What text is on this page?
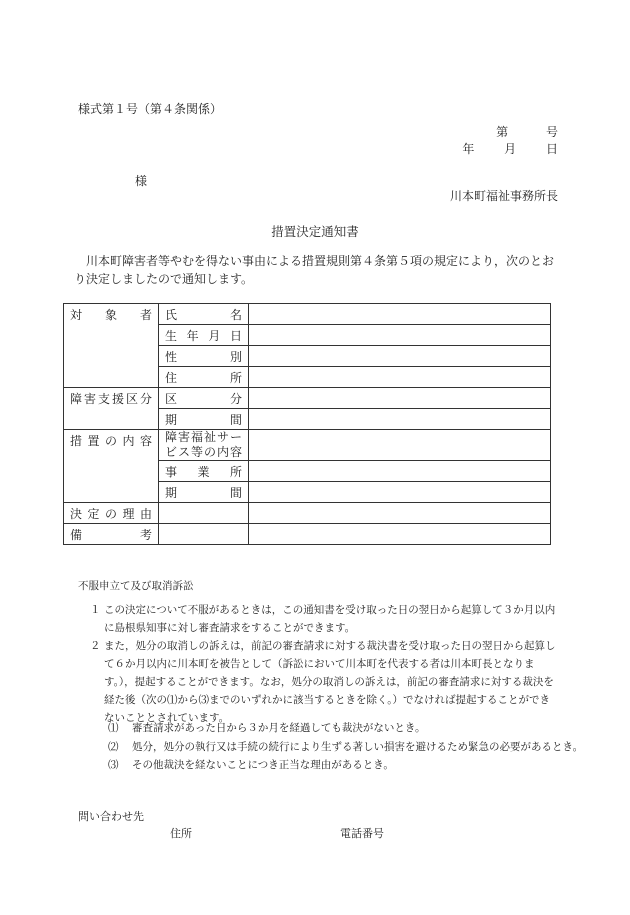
様式第１号（第４条関係）
第 号
年 月 日
様
川本町福祉事務所長
措置決定通知書
川本町障害者等やむを得ない事由による措置規則第４条第５項の規定により，次のとおり決定しましたので通知します。
対象者	氏名	
	生年月日	
	性別	
	住所	
障害支援区分	区分	
	期間	
措置の内容	障害福祉サー
ビス等の内容	

	事業所	
	期間	
決定の理由		
備考		
不服申立て及び取消訴訟
１ この決定について不服があるときは，この通知書を受け取った日の翌日から起算して３か月以内に島根県知事に対し審査請求をすることができます。
２ また，処分の取消しの訴えは，前記の審査請求に対する裁決書を受け取った日の翌日から起算して６か月以内に川本町を被告として（訴訟において川本町を代表する者は川本町長となります。），提起することができます。なお，処分の取消しの訴えは，前記の審査請求に対する裁決を経た後（次の⑴から⑶までのいずれかに該当するときを除く。）でなければ提起することができないこととされています。
⑴ 審査請求があった日から３か月を経過しても裁決がないとき。
⑵ 処分，処分の執行又は手続の続行により生ずる著しい損害を避けるため緊急の必要があるとき。
⑶ その他裁決を経ないことにつき正当な理由があるとき。
問い合わせ先
住所	電話番号
